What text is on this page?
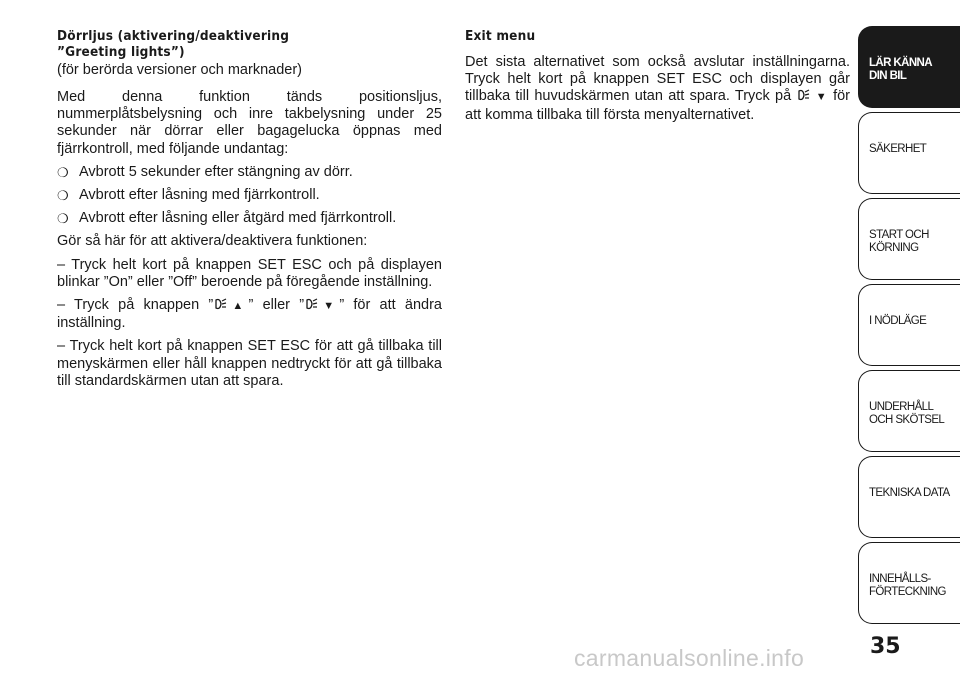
Dörrljus (aktivering/deaktivering
”Greeting lights”)
(för berörda versioner och marknader)

Med denna funktion tänds positionsljus, nummerplåtsbelysning och inre takbelysning under 25 sekunder när dörrar eller bagagelucka öppnas med fjärrkontroll, med följande undantag:

❍ Avbrott 5 sekunder efter stängning av dörr.
❍ Avbrott efter låsning med fjärrkontroll.
❍ Avbrott efter låsning eller åtgärd med fjärrkontroll.

Gör så här för att aktivera/deaktivera funktionen:

– Tryck helt kort på knappen SET ESC och på displayen blinkar ”On” eller ”Off” beroende på föregående inställning.

– Tryck på knappen ” ▲” eller ” ▼” för att ändra inställning.

– Tryck helt kort på knappen SET ESC för att gå tillbaka till menyskärmen eller håll knappen nedtryckt för att gå tillbaka till standardskärmen utan att spara.

Exit menu

Det sista alternativet som också avslutar inställningarna. Tryck helt kort på knappen SET ESC och displayen går tillbaka till huvudskärmen utan att spara. Tryck på ▼ för att komma tillbaka till första menyalternativet.

LÄR KÄNNA
DIN BIL
SÄKERHET
START OCH
KÖRNING
I NÖDLÄGE
UNDERHÅLL
OCH SKÖTSEL
TEKNISKA DATA
INNEHÅLLS-
FÖRTECKNING
35
carmanualsonline.info
